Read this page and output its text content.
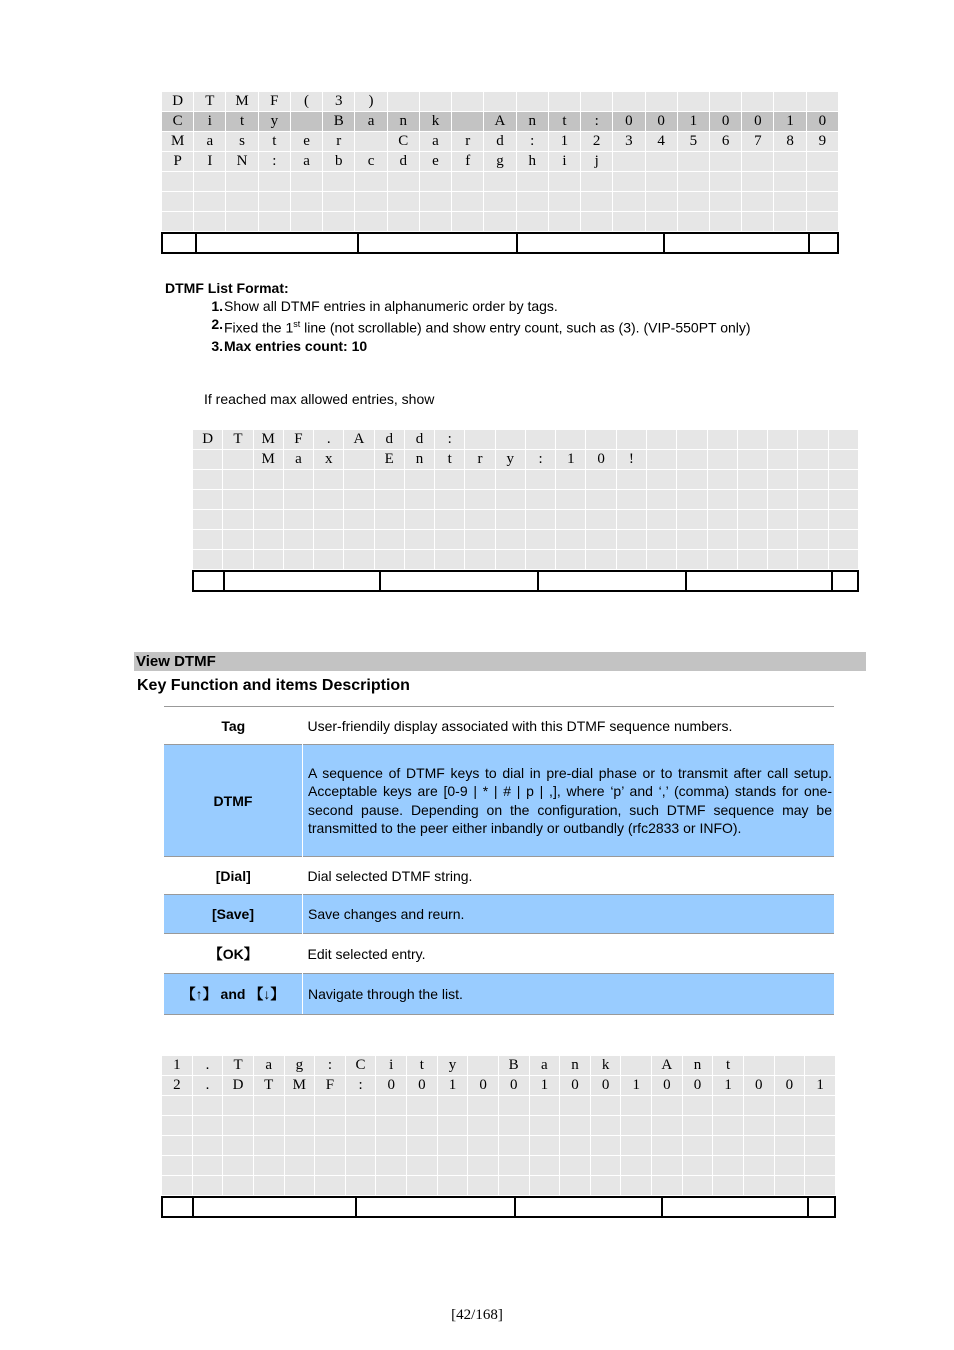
D	T	M	F	(	3	)														
C	i	t	y		B	a	n	k		A	n	t	:	0	0	1	0	0	1	0
M	a	s	t	e	r		C	a	r	d	:	1	2	3	4	5	6	7	8	9
P	I	N	:	a	b	c	d	e	f	g	h	i	j							

DTMF List Format:
1. Show all DTMF entries in alphanumeric order by tags.
2. Fixed the 1st line (not scrollable) and show entry count, such as (3). (VIP-550PT only)
3. Max entries count: 10
If reached max allowed entries, show
D	T	M	F	.	A	d	d	:													
		M	a	x		E	n	t	r	y	:	1	0	!							

View DTMF
Key Function and items Description
Tag	User-friendily display associated with this DTMF sequence numbers.
DTMF	A sequence of DTMF keys to dial in pre-dial phase or to transmit after call setup. Acceptable keys are [0-9 | * | # | p | ,], where ‘p’ and ‘,’ (comma) stands for one-second pause. Depending on the configuration, such DTMF sequence may be transmitted to the peer either inbandly or outbandly (rfc2833 or INFO).
[Dial]	Dial selected DTMF string.
[Save]	Save changes and reurn.
【OK】	Edit selected entry.
【↑】 and 【↓】	Navigate through the list.
1	.	T	a	g	:	C	i	t	y		B	a	n	k		A	n	t			
2	.	D	T	M	F	:	0	0	1	0	0	1	0	0	1	0	0	1	0	0	1

[42/168]
